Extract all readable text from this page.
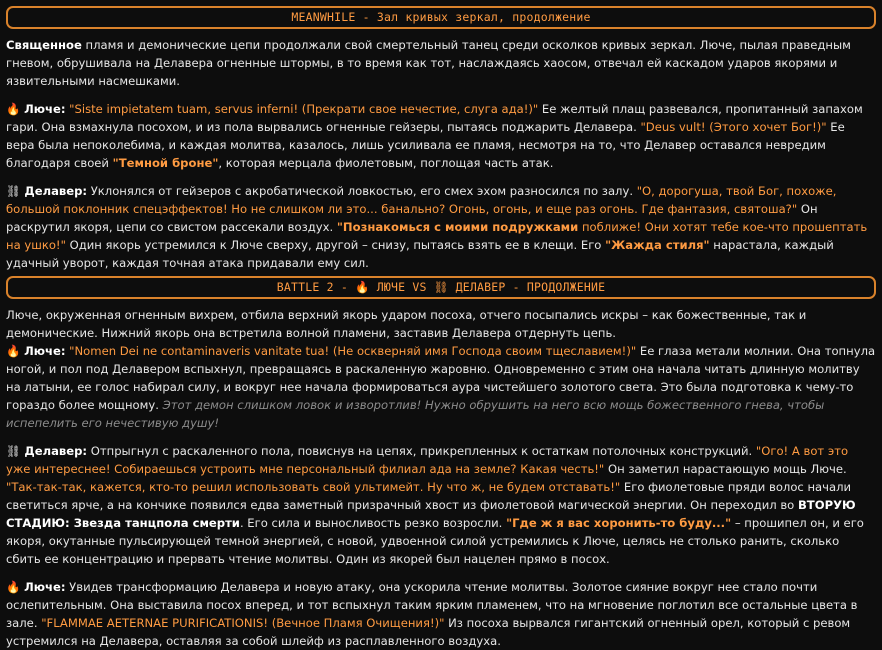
MEANWHILE - Зал кривых зеркал, продолжение

Священное пламя и демонические цепи продолжали свой смертельный танец среди осколков кривых зеркал. Люче, пылая праведным гневом, обрушивала на Делавера огненные штормы, в то время как тот, наслаждаясь хаосом, отвечал ей каскадом ударов якорями и язвительными насмешками.

🔥 Люче: "Siste impietatem tuam, servus inferni! (Прекрати свое нечестие, слуга ада!)" Ее желтый плащ развевался, пропитанный запахом гари. Она взмахнула посохом, и из пола вырвались огненные гейзеры, пытаясь поджарить Делавера. "Deus vult! (Этого хочет Бог!)" Ее вера была непоколебима, и каждая молитва, казалось, лишь усиливала ее пламя, несмотря на то, что Делавер оставался невредим благодаря своей "Темной броне", которая мерцала фиолетовым, поглощая часть атак.

⛓ Делавер: Уклонялся от гейзеров с акробатической ловкостью, его смех эхом разносился по залу. "О, дорогуша, твой Бог, похоже, большой поклонник спецэффектов! Но не слишком ли это... банально? Огонь, огонь, и еще раз огонь. Где фантазия, святоша?" Он раскрутил якоря, цепи со свистом рассекали воздух. "Познакомься с моими подружками поближе! Они хотят тебе кое-что прошептать на ушко!" Один якорь устремился к Люче сверху, другой – снизу, пытаясь взять ее в клещи. Его "Жажда стиля" нарастала, каждый удачный уворот, каждая точная атака придавали ему сил.

BATTLE 2 - 🔥 ЛЮЧЕ VS ⛓ ДЕЛАВЕР - ПРОДОЛЖЕНИЕ

Люче, окруженная огненным вихрем, отбила верхний якорь ударом посоха, отчего посыпались искры – как божественные, так и демонические. Нижний якорь она встретила волной пламени, заставив Делавера отдернуть цепь.

🔥 Люче: "Nomen Dei ne contaminaveris vanitate tua! (Не оскверняй имя Господа своим тщеславием!)" Ее глаза метали молнии. Она топнула ногой, и пол под Делавером вспыхнул, превращаясь в раскаленную жаровню. Одновременно с этим она начала читать длинную молитву на латыни, ее голос набирал силу, и вокруг нее начала формироваться аура чистейшего золотого света. Это была подготовка к чему-то гораздо более мощному. Этот демон слишком ловок и изворотлив! Нужно обрушить на него всю мощь божественного гнева, чтобы испепелить его нечестивую душу!

⛓ Делавер: Отпрыгнул с раскаленного пола, повиснув на цепях, прикрепленных к остаткам потолочных конструкций. "Ого! А вот это уже интереснее! Собираешься устроить мне персональный филиал ада на земле? Какая честь!" Он заметил нарастающую мощь Люче. "Так-так-так, кажется, кто-то решил использовать свой ультимейт. Ну что ж, не будем отставать!" Его фиолетовые пряди волос начали светиться ярче, а на кончике появился едва заметный призрачный хвост из фиолетовой магической энергии. Он переходил во ВТОРУЮ СТАДИЮ: Звезда танцпола смерти. Его сила и выносливость резко возросли. "Где ж я вас хоронить-то буду..." – прошипел он, и его якоря, окутанные пульсирующей темной энергией, с новой, удвоенной силой устремились к Люче, целясь не столько ранить, сколько сбить ее концентрацию и прервать чтение молитвы. Один из якорей был нацелен прямо в посох.

🔥 Люче: Увидев трансформацию Делавера и новую атаку, она ускорила чтение молитвы. Золотое сияние вокруг нее стало почти ослепительным. Она выставила посох вперед, и тот вспыхнул таким ярким пламенем, что на мгновение поглотил все остальные цвета в зале. "FLAMMAE AETERNAE PURIFICATIONIS! (Вечное Пламя Очищения!)" Из посоха вырвался гигантский огненный орел, который с ревом устремился на Делавера, оставляя за собой шлейф из расплавленного воздуха.
